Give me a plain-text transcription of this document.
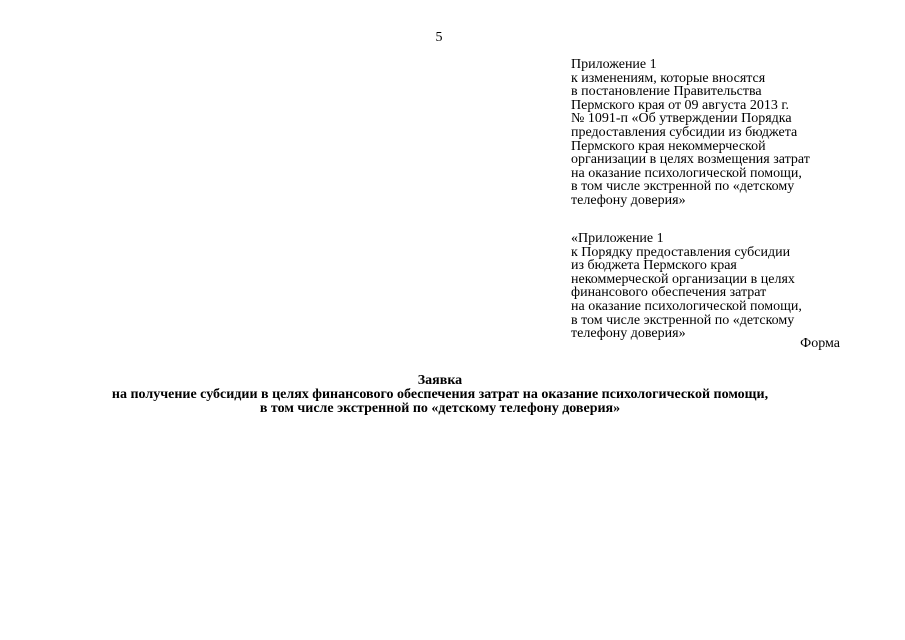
5
Приложение 1
к изменениям, которые вносятся
в постановление Правительства
Пермского края от 09 августа 2013 г.
№ 1091-п «Об утверждении Порядка
предоставления субсидии из бюджета
Пермского края некоммерческой
организации в целях возмещения затрат
на оказание психологической помощи,
в том числе экстренной по «детскому
телефону доверия»
«Приложение 1
к Порядку предоставления субсидии
из бюджета Пермского края
некоммерческой организации в целях
финансового обеспечения затрат
на оказание психологической помощи,
в том числе экстренной по «детскому
телефону доверия»
Форма
Заявка
на получение субсидии в целях финансового обеспечения затрат на оказание психологической помощи,
в том числе экстренной по «детскому телефону доверия»
